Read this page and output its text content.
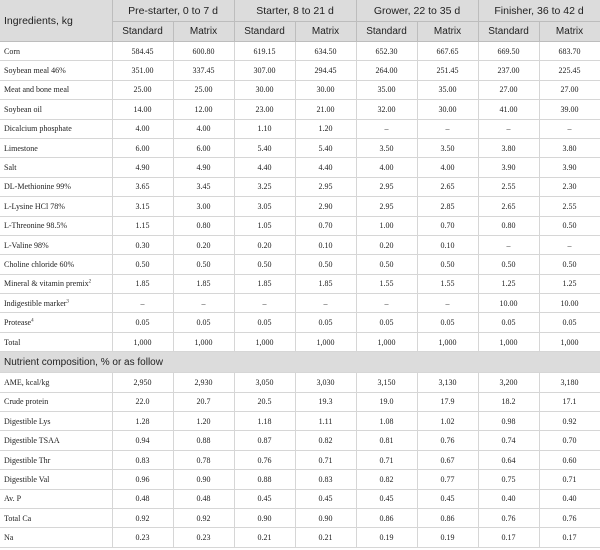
Ingredients, kg	Pre-starter, 0 to 7 d		Starter, 8 to 21 d		Grower, 22 to 35 d		Finisher, 36 to 42 d	
	Standard	Matrix	Standard	Matrix	Standard	Matrix	Standard	Matrix
Corn	584.45	600.80	619.15	634.50	652.30	667.65	669.50	683.70
Soybean meal 46%	351.00	337.45	307.00	294.45	264.00	251.45	237.00	225.45
Meat and bone meal	25.00	25.00	30.00	30.00	35.00	35.00	27.00	27.00
Soybean oil	14.00	12.00	23.00	21.00	32.00	30.00	41.00	39.00
Dicalcium phosphate	4.00	4.00	1.10	1.20	–	–	–	–
Limestone	6.00	6.00	5.40	5.40	3.50	3.50	3.80	3.80
Salt	4.90	4.90	4.40	4.40	4.00	4.00	3.90	3.90
DL-Methionine 99%	3.65	3.45	3.25	2.95	2.95	2.65	2.55	2.30
L-Lysine HCl 78%	3.15	3.00	3.05	2.90	2.95	2.85	2.65	2.55
L-Threonine 98.5%	1.15	0.80	1.05	0.70	1.00	0.70	0.80	0.50
L-Valine 98%	0.30	0.20	0.20	0.10	0.20	0.10	–	–
Choline chloride 60%	0.50	0.50	0.50	0.50	0.50	0.50	0.50	0.50
Mineral & vitamin premix$^2$	1.85	1.85	1.85	1.85	1.55	1.55	1.25	1.25
Indigestible marker$^3$	–	–	–	–	–	–	10.00	10.00
Protease$^4$	0.05	0.05	0.05	0.05	0.05	0.05	0.05	0.05
Total	1,000	1,000	1,000	1,000	1,000	1,000	1,000	1,000
Nutrient composition, % or as follow								
AME, kcal/kg	2,950	2,930	3,050	3,030	3,150	3,130	3,200	3,180
Crude protein	22.0	20.7	20.5	19.3	19.0	17.9	18.2	17.1
Digestible Lys	1.28	1.20	1.18	1.11	1.08	1.02	0.98	0.92
Digestible TSAA	0.94	0.88	0.87	0.82	0.81	0.76	0.74	0.70
Digestible Thr	0.83	0.78	0.76	0.71	0.71	0.67	0.64	0.60
Digestible Val	0.96	0.90	0.88	0.83	0.82	0.77	0.75	0.71
Av. P	0.48	0.48	0.45	0.45	0.45	0.45	0.40	0.40
Total Ca	0.92	0.92	0.90	0.90	0.86	0.86	0.76	0.76
Na	0.23	0.23	0.21	0.21	0.19	0.19	0.17	0.17
